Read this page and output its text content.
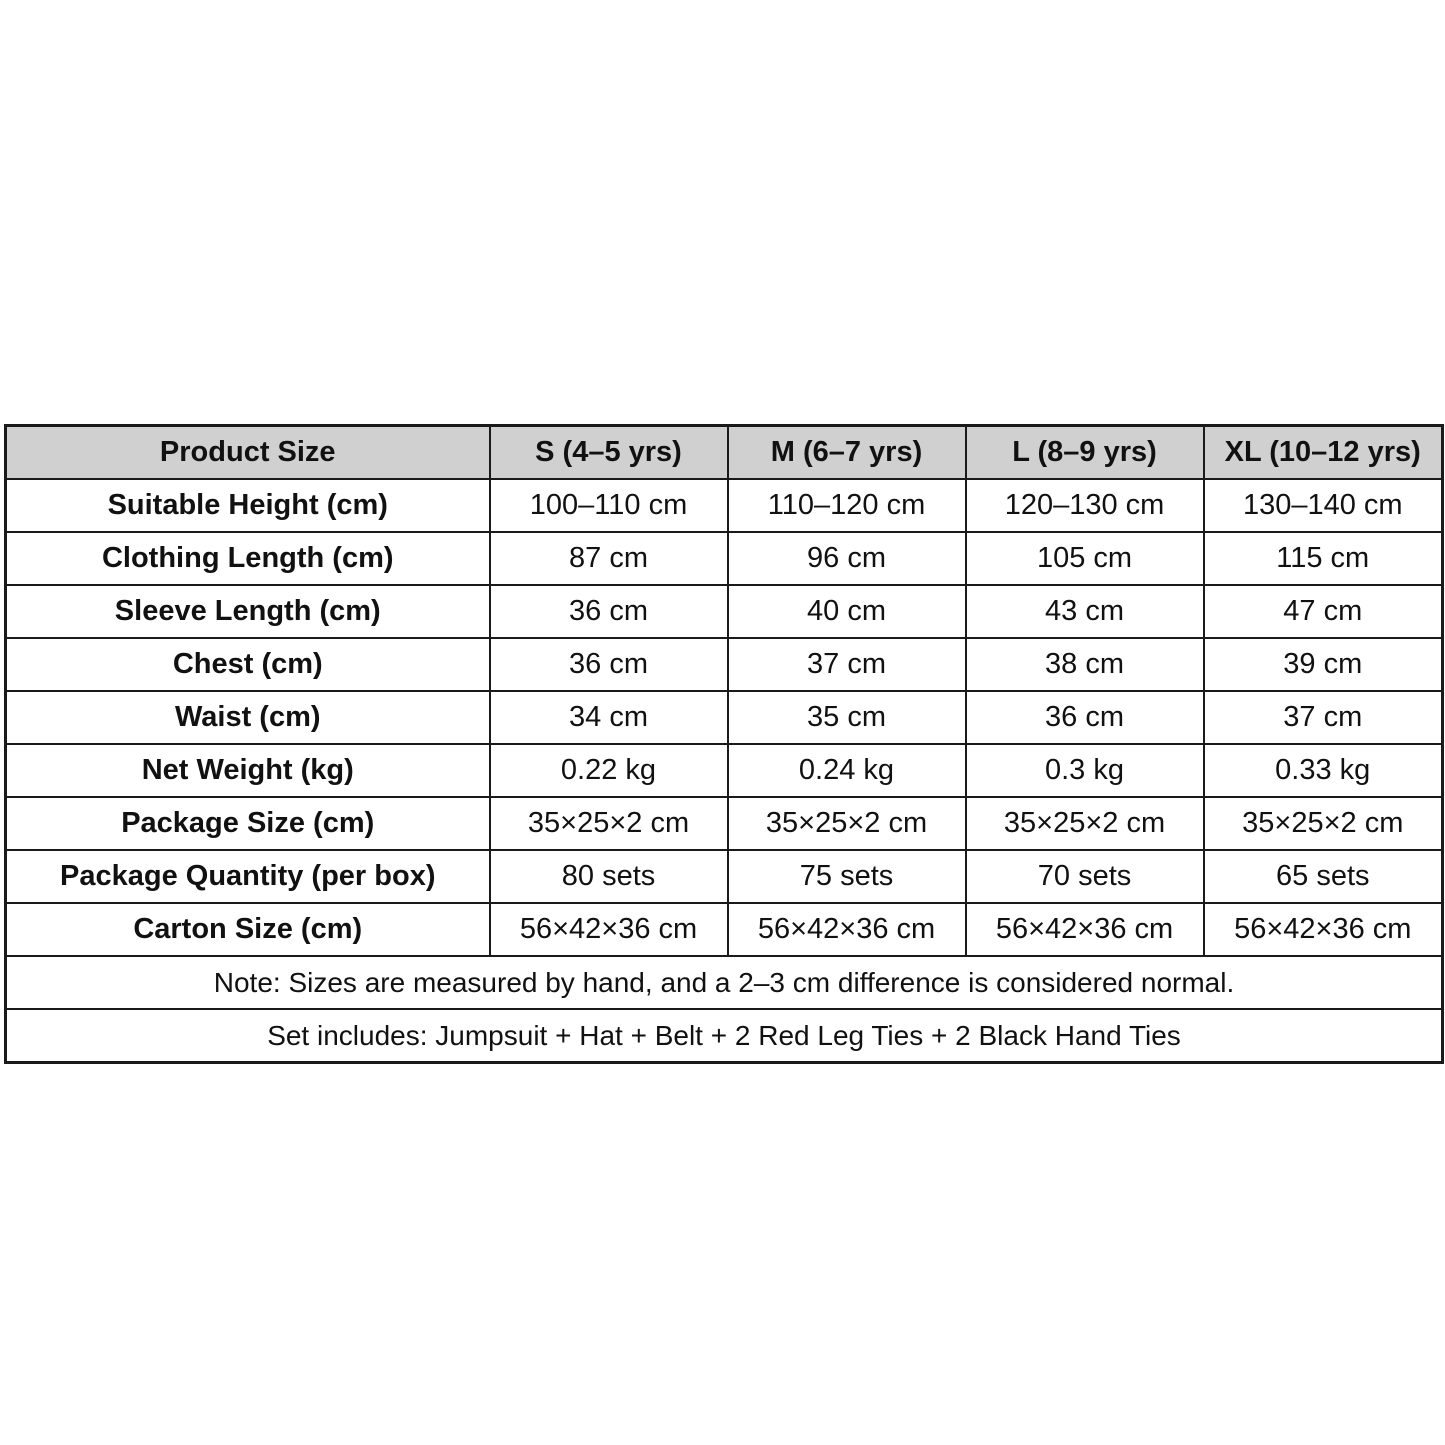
Product Size	S (4–5 yrs)	M (6–7 yrs)	L (8–9 yrs)	XL (10–12 yrs)
Suitable Height (cm)	100–110 cm	110–120 cm	120–130 cm	130–140 cm
Clothing Length (cm)	87 cm	96 cm	105 cm	115 cm
Sleeve Length (cm)	36 cm	40 cm	43 cm	47 cm
Chest (cm)	36 cm	37 cm	38 cm	39 cm
Waist (cm)	34 cm	35 cm	36 cm	37 cm
Net Weight (kg)	0.22 kg	0.24 kg	0.3 kg	0.33 kg
Package Size (cm)	35×25×2 cm	35×25×2 cm	35×25×2 cm	35×25×2 cm
Package Quantity (per box)	80 sets	75 sets	70 sets	65 sets
Carton Size (cm)	56×42×36 cm	56×42×36 cm	56×42×36 cm	56×42×36 cm
Note: Sizes are measured by hand, and a 2–3 cm difference is considered normal.				
Set includes: Jumpsuit + Hat + Belt + 2 Red Leg Ties + 2 Black Hand Ties				
